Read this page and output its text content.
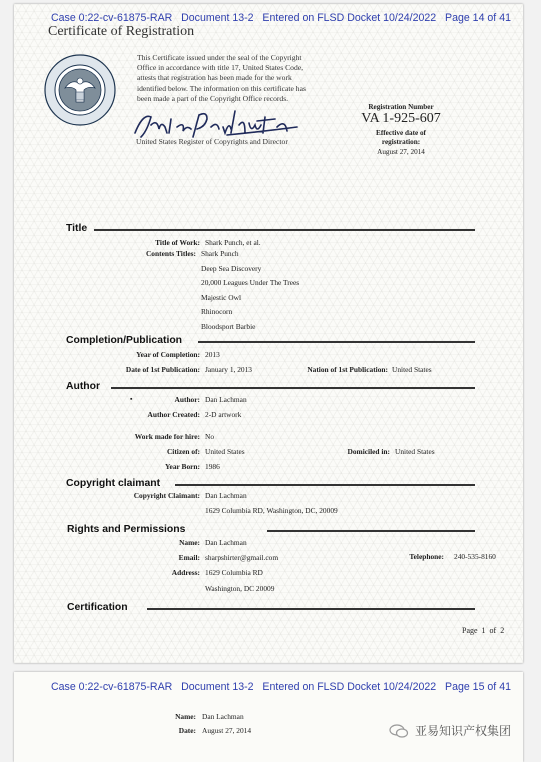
Case 0:22-cv-61875-RAR Document 13-2 Entered on FLSD Docket 10/24/2022 Page 14 of 41
Certificate of Registration
This Certificate issued under the seal of the Copyright
Office in accordance with title 17, United States Code,
attests that registration has been made for the work
identified below. The information on this certificate has
been made a part of the Copyright Office records.
United States Register of Copyrights and Director
Registration Number
VA 1-925-607
Effective date of
registration:
August 27, 2014
Title
Title of Work: Shark Punch, et al.
Contents Titles: Shark Punch
Deep Sea Discovery
20,000 Leagues Under The Trees
Majestic Owl
Rhinocorn
Bloodsport Barbie
Completion/Publication
Year of Completion: 2013
Date of 1st Publication: January 1, 2013	Nation of 1st Publication: United States
Author
▪	Author: Dan Lachman
Author Created: 2-D artwork
Work made for hire: No
Citizen of: United States	Domiciled in: United States
Year Born: 1986
Copyright claimant
Copyright Claimant: Dan Lachman
1629 Columbia RD, Washington, DC, 20009
Rights and Permissions
Name: Dan Lachman
Email: sharpshirter@gmail.com	Telephone: 240-535-8160
Address: 1629 Columbia RD
Washington, DC 20009
Certification
Page  1  of  2
Case 0:22-cv-61875-RAR Document 13-2 Entered on FLSD Docket 10/24/2022 Page 15 of 41
Name: Dan Lachman
Date: August 27, 2014	亚易知识产权集团
